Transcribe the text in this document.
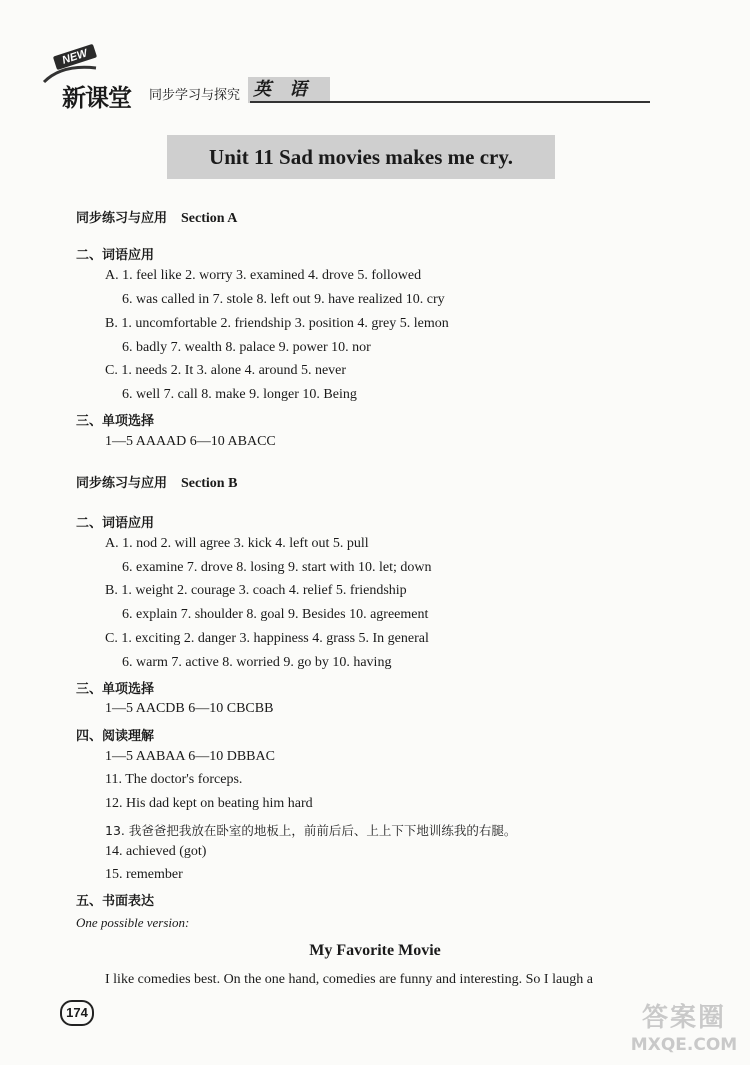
NEW
新课堂 同步学习与探究 英语
Unit 11 Sad movies makes me cry.
同步练习与应用 Section A
二、词语应用
A. 1. feel like 2. worry 3. examined 4. drove 5. followed
6. was called in 7. stole 8. left out 9. have realized 10. cry
B. 1. uncomfortable 2. friendship 3. position 4. grey 5. lemon
6. badly 7. wealth 8. palace 9. power 10. nor
C. 1. needs 2. It 3. alone 4. around 5. never
6. well 7. call 8. make 9. longer 10. Being
三、单项选择
1—5 AAAAD 6—10 ABACC
同步练习与应用 Section B
二、词语应用
A. 1. nod 2. will agree 3. kick 4. left out 5. pull
6. examine 7. drove 8. losing 9. start with 10. let; down
B. 1. weight 2. courage 3. coach 4. relief 5. friendship
6. explain 7. shoulder 8. goal 9. Besides 10. agreement
C. 1. exciting 2. danger 3. happiness 4. grass 5. In general
6. warm 7. active 8. worried 9. go by 10. having
三、单项选择
1—5 AACDB 6—10 CBCBB
四、阅读理解
1—5 AABAA 6—10 DBBAC
11. The doctor's forceps.
12. His dad kept on beating him hard
13. 我爸爸把我放在卧室的地板上，前前后后、上上下下地训练我的右腿。
14. achieved (got)
15. remember
五、书面表达
One possible version:
My Favorite Movie
I like comedies best. On the one hand, comedies are funny and interesting. So I laugh a
174	答案圈
MXQE.COM
